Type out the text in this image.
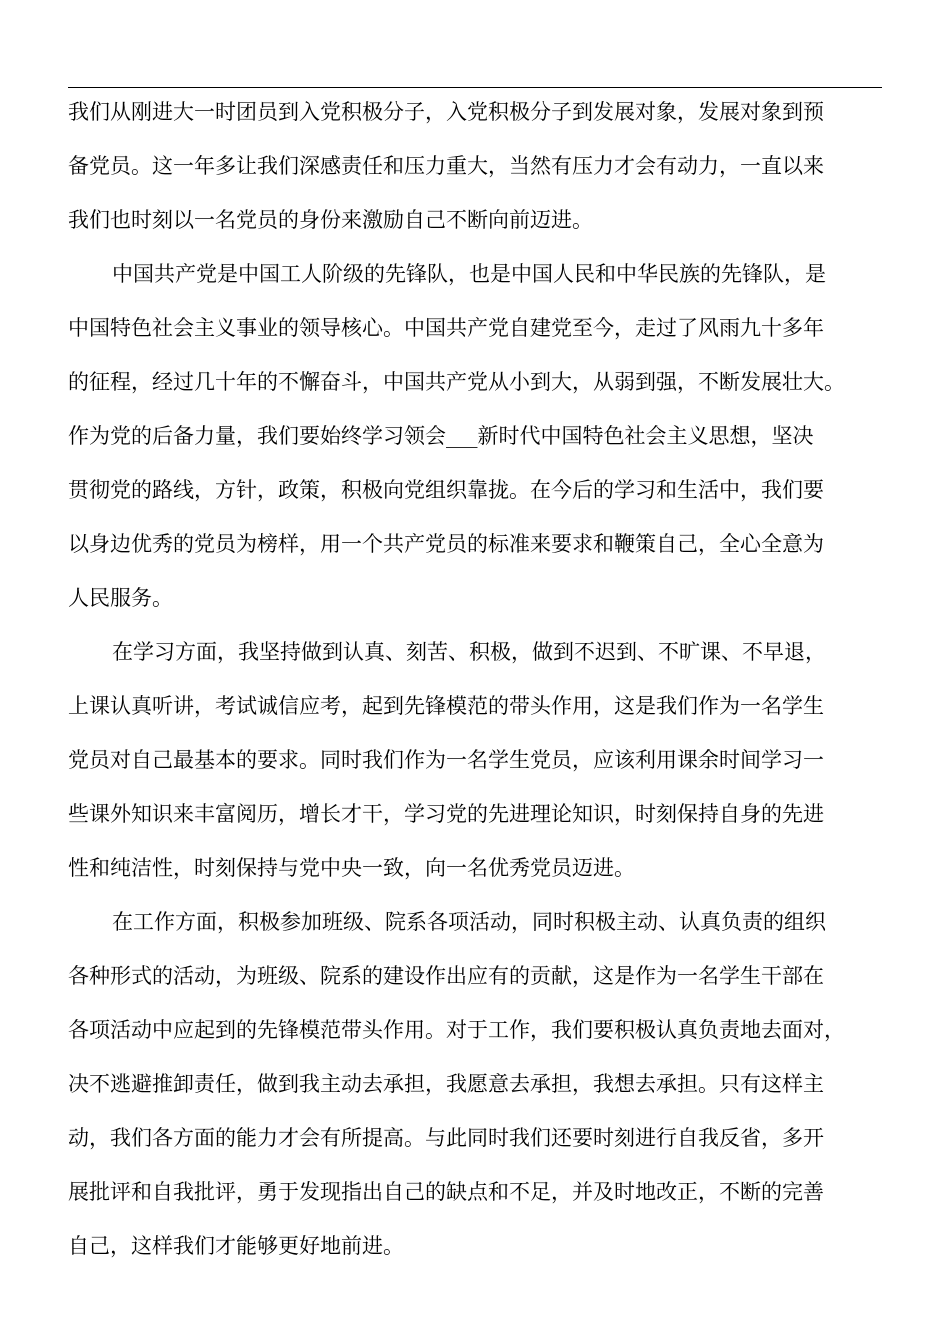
我们从刚进大一时团员到入党积极分子，入党积极分子到发展对象，发展对象到预
备党员。这一年多让我们深感责任和压力重大，当然有压力才会有动力，一直以来
我们也时刻以一名党员的身份来激励自己不断向前迈进。
中国共产党是中国工人阶级的先锋队，也是中国人民和中华民族的先锋队，是
中国特色社会主义事业的领导核心。中国共产党自建党至今，走过了风雨九十多年
的征程，经过几十年的不懈奋斗，中国共产党从小到大，从弱到强，不断发展壮大。
作为党的后备力量，我们要始终学习领会___新时代中国特色社会主义思想，坚决
贯彻党的路线，方针，政策，积极向党组织靠拢。在今后的学习和生活中，我们要
以身边优秀的党员为榜样，用一个共产党员的标准来要求和鞭策自己，全心全意为
人民服务。
在学习方面，我坚持做到认真、刻苦、积极，做到不迟到、不旷课、不早退，
上课认真听讲，考试诚信应考，起到先锋模范的带头作用，这是我们作为一名学生
党员对自己最基本的要求。同时我们作为一名学生党员，应该利用课余时间学习一
些课外知识来丰富阅历，增长才干，学习党的先进理论知识，时刻保持自身的先进
性和纯洁性，时刻保持与党中央一致，向一名优秀党员迈进。
在工作方面，积极参加班级、院系各项活动，同时积极主动、认真负责的组织
各种形式的活动，为班级、院系的建设作出应有的贡献，这是作为一名学生干部在
各项活动中应起到的先锋模范带头作用。对于工作，我们要积极认真负责地去面对，
决不逃避推卸责任，做到我主动去承担，我愿意去承担，我想去承担。只有这样主
动，我们各方面的能力才会有所提高。与此同时我们还要时刻进行自我反省，多开
展批评和自我批评，勇于发现指出自己的缺点和不足，并及时地改正，不断的完善
自己，这样我们才能够更好地前进。
